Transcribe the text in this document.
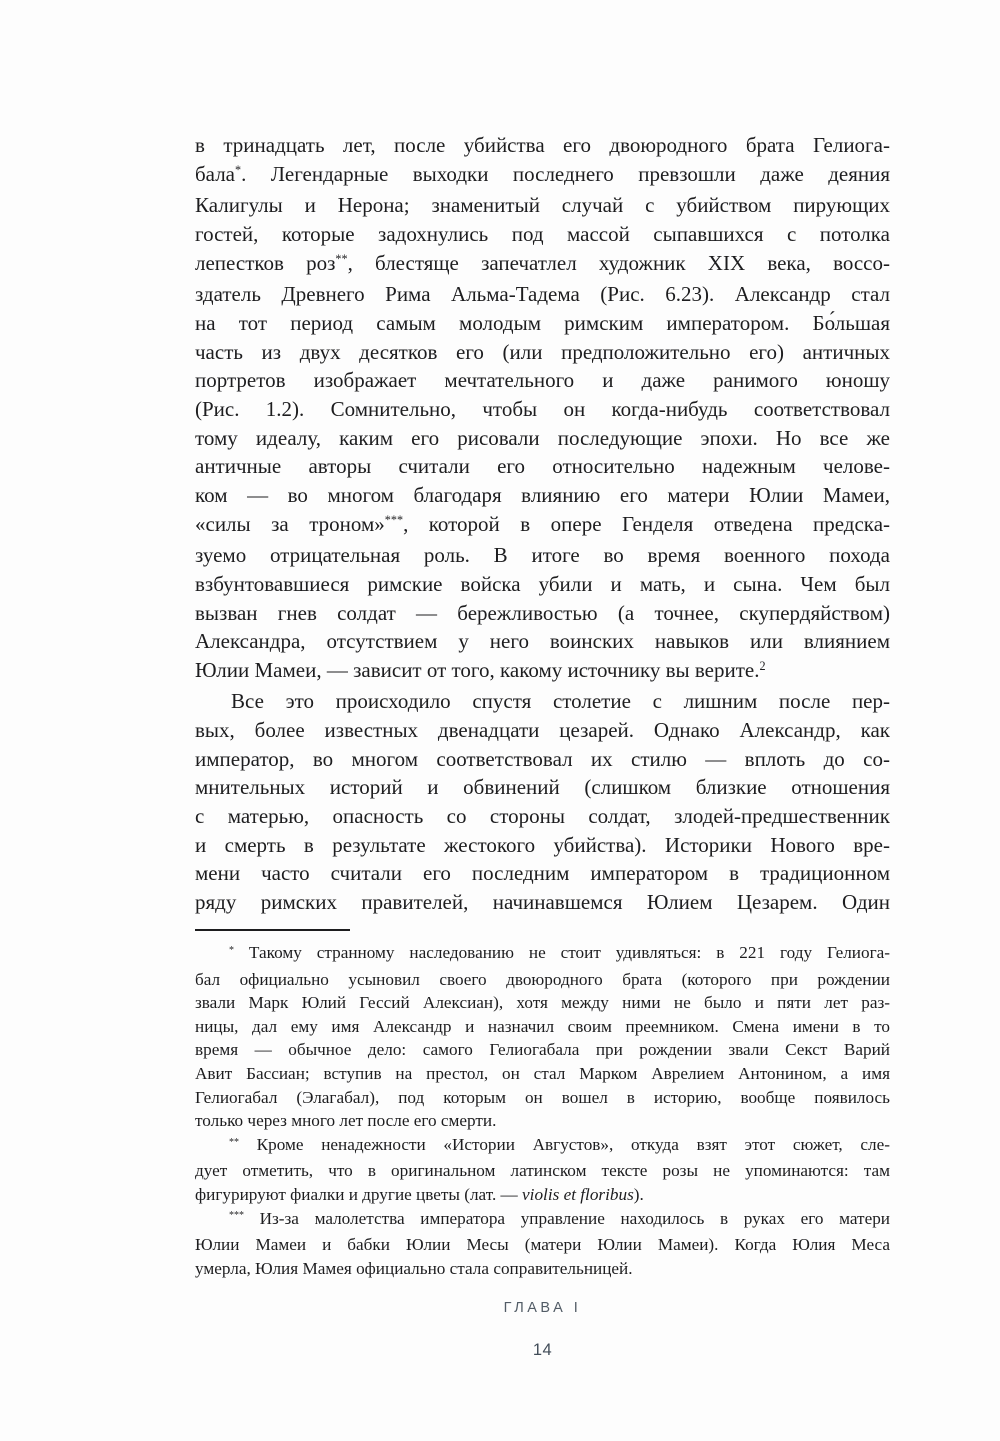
в тринадцать лет, после убийства его двоюродного брата Гелиога-
бала*. Легендарные выходки последнего превзошли даже деяния
Калигулы и Нерона; знаменитый случай с убийством пирующих
гостей, которые задохнулись под массой сыпавшихся с потолка
лепестков роз**, блестяще запечатлел художник XIX века, воссо-
здатель Древнего Рима Альма-Тадема (Рис. 6.23). Александр стал
на тот период самым молодым римским императором. Бо́льшая
часть из двух десятков его (или предположительно его) античных
портретов изображает мечтательного и даже ранимого юношу
(Рис. 1.2). Сомнительно, чтобы он когда-нибудь соответствовал
тому идеалу, каким его рисовали последующие эпохи. Но все же
античные авторы считали его относительно надежным челове-
ком — во многом благодаря влиянию его матери Юлии Мамеи,
«силы за троном»***, которой в опере Генделя отведена предска-
зуемо отрицательная роль. В итоге во время военного похода
взбунтовавшиеся римские войска убили и мать, и сына. Чем был
вызван гнев солдат — бережливостью (а точнее, скупердяйством)
Александра, отсутствием у него воинских навыков или влиянием
Юлии Мамеи, — зависит от того, какому источнику вы верите.$^2$
Все это происходило спустя столетие с лишним после пер-
вых, более известных двенадцати цезарей. Однако Александр, как
император, во многом соответствовал их стилю — вплоть до со-
мнительных историй и обвинений (слишком близкие отношения
с матерью, опасность со стороны солдат, злодей-предшественник
и смерть в результате жестокого убийства). Историки Нового вре-
мени часто считали его последним императором в традиционном
ряду римских правителей, начинавшемся Юлием Цезарем. Один
* Такому странному наследованию не стоит удивляться: в 221 году Гелиога-
бал официально усыновил своего двоюродного брата (которого при рождении
звали Марк Юлий Гессий Алексиан), хотя между ними не было и пяти лет раз-
ницы, дал ему имя Александр и назначил своим преемником. Смена имени в то
время — обычное дело: самого Гелиогабала при рождении звали Секст Варий
Авит Бассиан; вступив на престол, он стал Марком Аврелием Антонином, а имя
Гелиогабал (Элагабал), под которым он вошел в историю, вообще появилось
только через много лет после его смерти.
** Кроме ненадежности «Истории Августов», откуда взят этот сюжет, сле-
дует отметить, что в оригинальном латинском тексте розы не упоминаются: там
фигурируют фиалки и другие цветы (лат. — violis et floribus).
*** Из-за малолетства императора управление находилось в руках его матери
Юлии Мамеи и бабки Юлии Месы (матери Юлии Мамеи). Когда Юлия Меса
умерла, Юлия Мамея официально стала соправительницей.
ГЛАВА I
14
